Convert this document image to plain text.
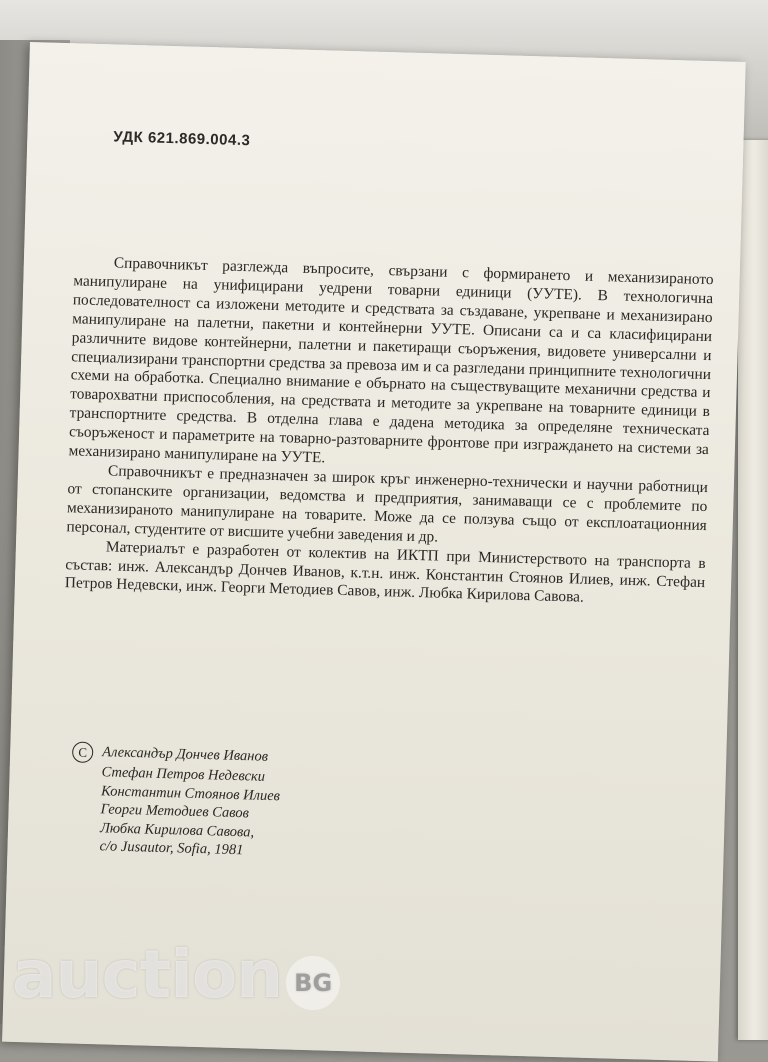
УДК 621.869.004.3

Справочникът разглежда въпросите, свързани с формирането и механизираното манипулиране на унифицирани уедрени товарни единици (УУТЕ). В технологична последователност са изложени методите и средствата за създаване, укрепване и механизирано манипулиране на палетни, пакетни и контейнерни УУТЕ. Описани са и са класифицирани различните видове контейнерни, палетни и пакетиращи съоръжения, видовете универсални и специализирани транспортни средства за превоза им и са разгледани принципните технологични схеми на обработка. Специално внимание е обърнато на съществуващите механични средства и товарохватни приспособления, на средствата и методите за укрепване на товарните единици в транспортните средства. В отделна глава е дадена методика за определяне техническата съоръженост и параметрите на товарно-разтоварните фронтове при изграждането на системи за механизирано манипулиране на УУТЕ.

Справочникът е предназначен за широк кръг инженерно-технически и научни работници от стопанските организации, ведомства и предприятия, занимаващи се с проблемите по механизираното манипулиране на товарите. Може да се ползува също от експлоатационния персонал, студентите от висшите учебни заведения и др.

Материалът е разработен от колектив на ИКТП при Министерството на транспорта в състав: инж. Александър Дончев Иванов, к.т.н. инж. Константин Стоянов Илиев, инж. Стефан Петров Недевски, инж. Георги Методиев Савов, инж. Любка Кирилова Савова.

C Александър Дончев Иванов
Стефан Петров Недевски
Константин Стоянов Илиев
Георги Методиев Савов
Любка Кирилова Савова,
c/o Jusautor, Sofia, 1981
auction BG
